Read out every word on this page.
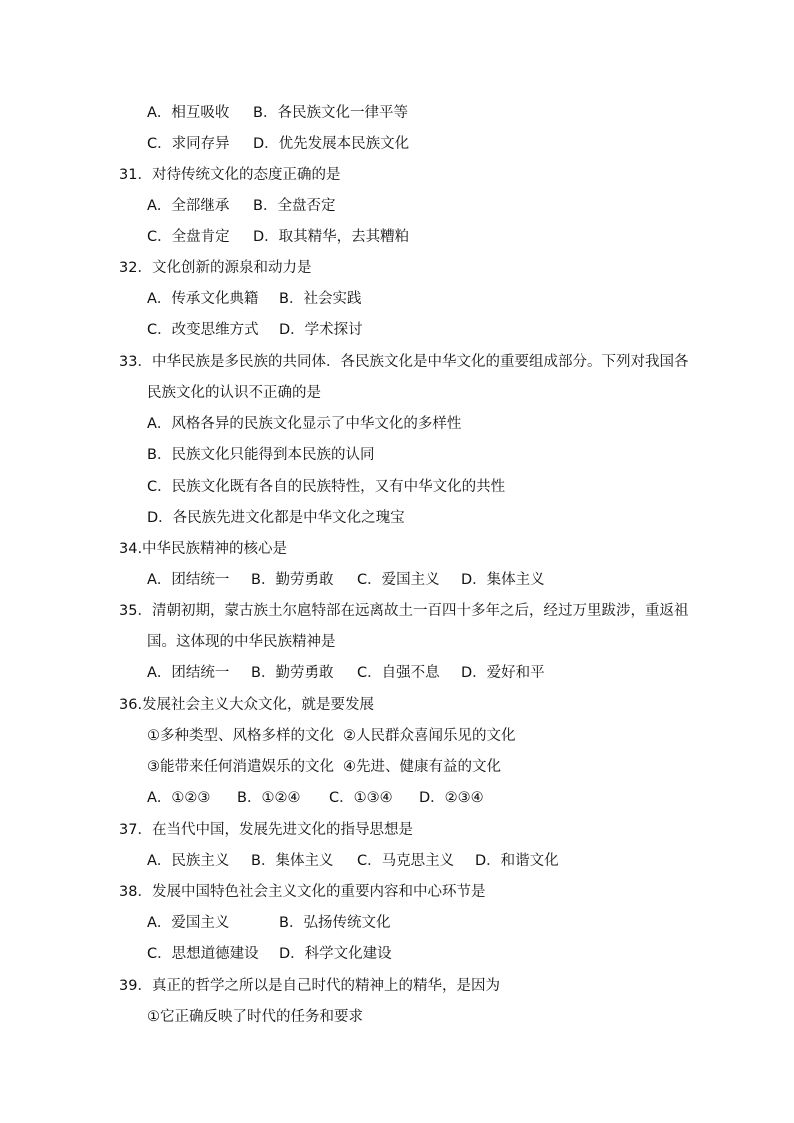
A．相互吸收 B．各民族文化一律平等
C．求同存异 D．优先发展本民族文化
31．对待传统文化的态度正确的是
A．全部继承 B．全盘否定
C．全盘肯定 D．取其精华，去其糟粕
32．文化创新的源泉和动力是
A．传承文化典籍 B．社会实践
C．改变思维方式 D．学术探讨
33．中华民族是多民族的共同体．各民族文化是中华文化的重要组成部分。下列对我国各
民族文化的认识不正确的是
A．风格各异的民族文化显示了中华文化的多样性
B．民族文化只能得到本民族的认同
C．民族文化既有各自的民族特性，又有中华文化的共性
D．各民族先进文化都是中华文化之瑰宝
34.中华民族精神的核心是
A．团结统一 B．勤劳勇敢 C．爱国主义 D．集体主义
35．清朝初期，蒙古族土尔扈特部在远离故土一百四十多年之后，经过万里跋涉，重返祖
国。这体现的中华民族精神是
A．团结统一 B．勤劳勇敢 C．自强不息 D．爱好和平
36.发展社会主义大众文化，就是要发展
①多种类型、风格多样的文化 ②人民群众喜闻乐见的文化
③能带来任何消遣娱乐的文化 ④先进、健康有益的文化
A．①②③ B．①②④ C．①③④ D．②③④
37．在当代中国，发展先进文化的指导思想是
A．民族主义 B．集体主义 C．马克思主义 D．和谐文化
38．发展中国特色社会主义文化的重要内容和中心环节是
A．爱国主义	B．弘扬传统文化
C．思想道德建设 D．科学文化建设
39．真正的哲学之所以是自己时代的精神上的精华，是因为
①它正确反映了时代的任务和要求
